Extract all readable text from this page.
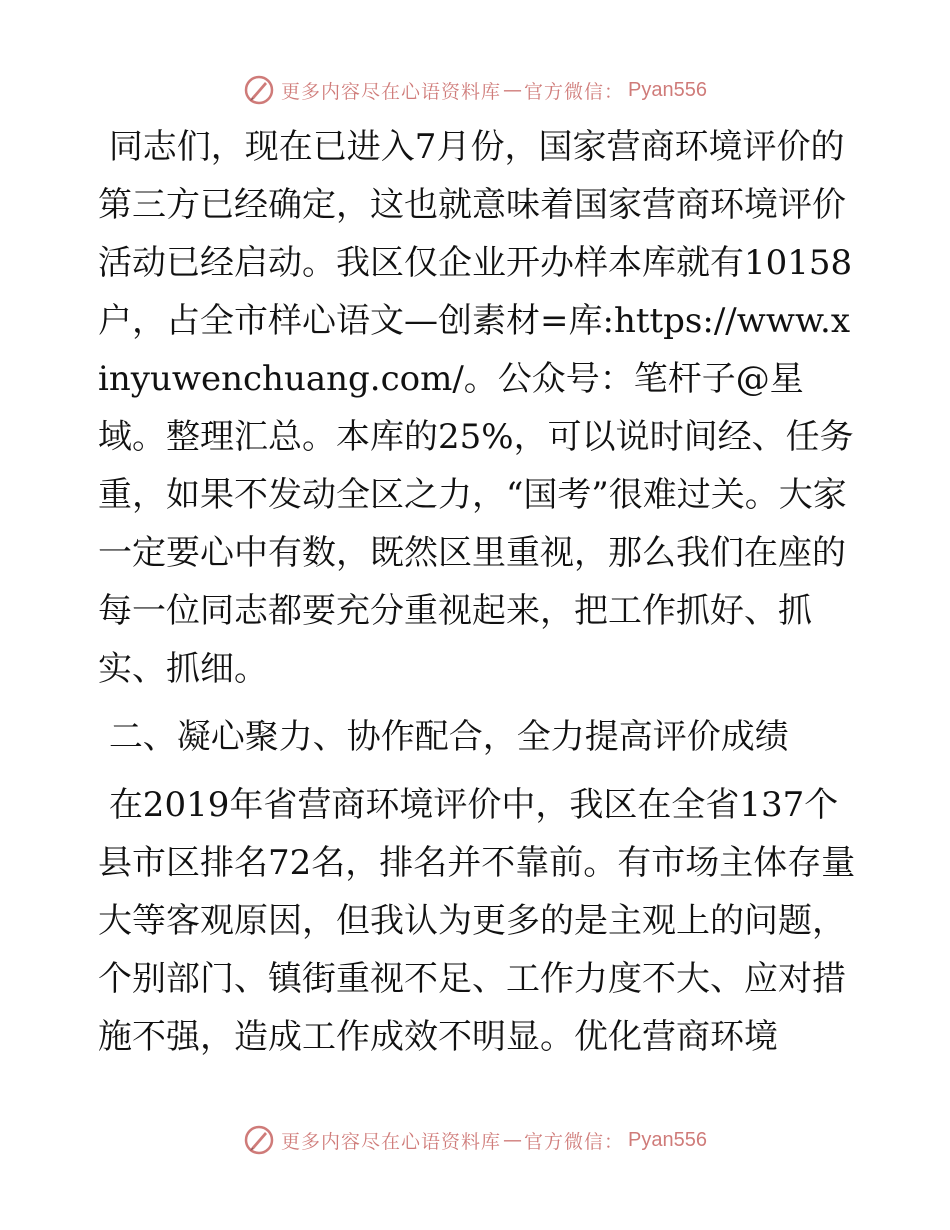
更多内容尽在心语资料库 — 官方微信： Pyan556

同志们，现在已进入7月份，国家营商环境评价的第三方已经确定，这也就意味着国家营商环境评价活动已经启动。我区仅企业开办样本库就有10158户，占全市样心语文—创素材=库:https://www.xinyuwenchuang.com/。公众号：笔杆子@星域。整理汇总。本库的25%，可以说时间经、任务重，如果不发动全区之力，“国考”很难过关。大家一定要心中有数，既然区里重视，那么我们在座的每一位同志都要充分重视起来，把工作抓好、抓实、抓细。

二、凝心聚力、协作配合，全力提高评价成绩

在2019年省营商环境评价中，我区在全省137个县市区排名72名，排名并不靠前。有市场主体存量大等客观原因，但我认为更多的是主观上的问题，个别部门、镇街重视不足、工作力度不大、应对措施不强，造成工作成效不明显。优化营商环境

更多内容尽在心语资料库 — 官方微信： Pyan556
